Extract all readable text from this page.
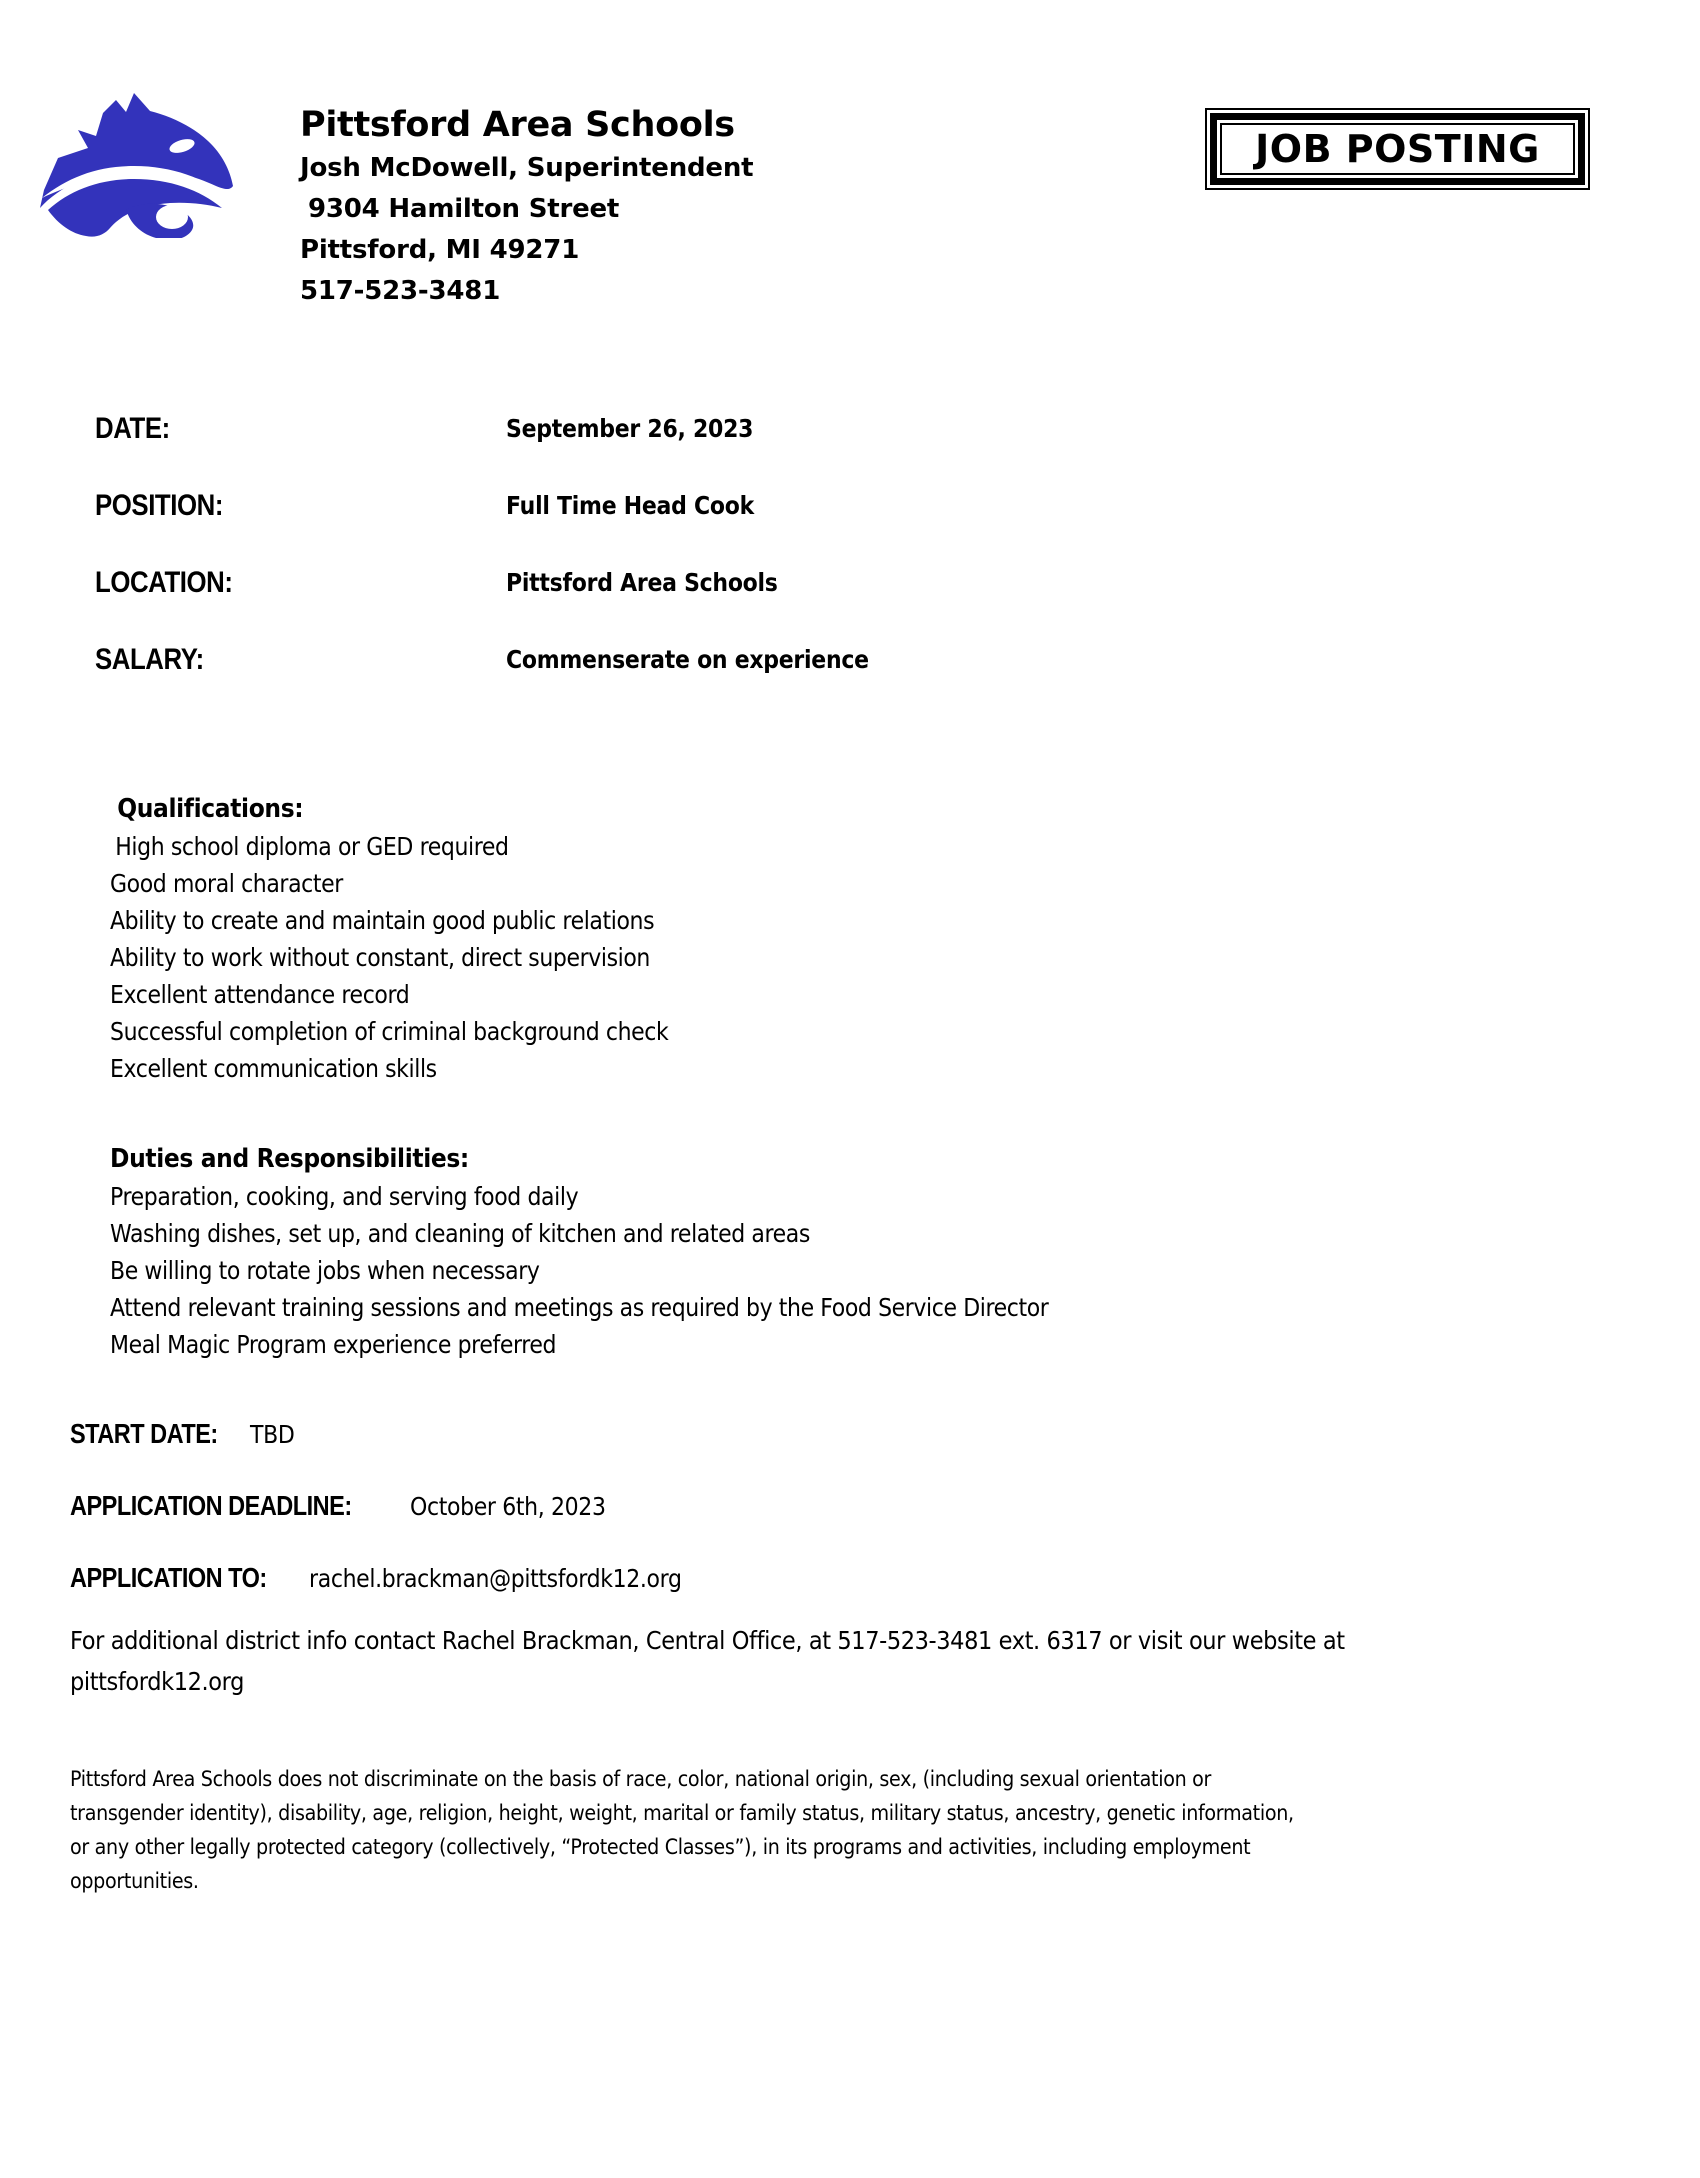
Pittsford Area Schools
Josh McDowell, Superintendent
9304 Hamilton Street
Pittsford, MI 49271
517-523-3481
JOB POSTING
DATE:	September 26, 2023
POSITION:	Full Time Head Cook
LOCATION:	Pittsford Area Schools
SALARY:	Commenserate on experience
Qualifications:
High school diploma or GED required
Good moral character
Ability to create and maintain good public relations
Ability to work without constant, direct supervision
Excellent attendance record
Successful completion of criminal background check
Excellent communication skills
Duties and Responsibilities:
Preparation, cooking, and serving food daily
Washing dishes, set up, and cleaning of kitchen and related areas
Be willing to rotate jobs when necessary
Attend relevant training sessions and meetings as required by the Food Service Director
Meal Magic Program experience preferred
START DATE: TBD
APPLICATION DEADLINE: October 6th, 2023
APPLICATION TO: rachel.brackman@pittsfordk12.org
For additional district info contact Rachel Brackman, Central Office, at 517-523-3481 ext. 6317 or visit our website at
pittsfordk12.org
Pittsford Area Schools does not discriminate on the basis of race, color, national origin, sex, (including sexual orientation or
transgender identity), disability, age, religion, height, weight, marital or family status, military status, ancestry, genetic information,
or any other legally protected category (collectively, “Protected Classes”), in its programs and activities, including employment
opportunities.
